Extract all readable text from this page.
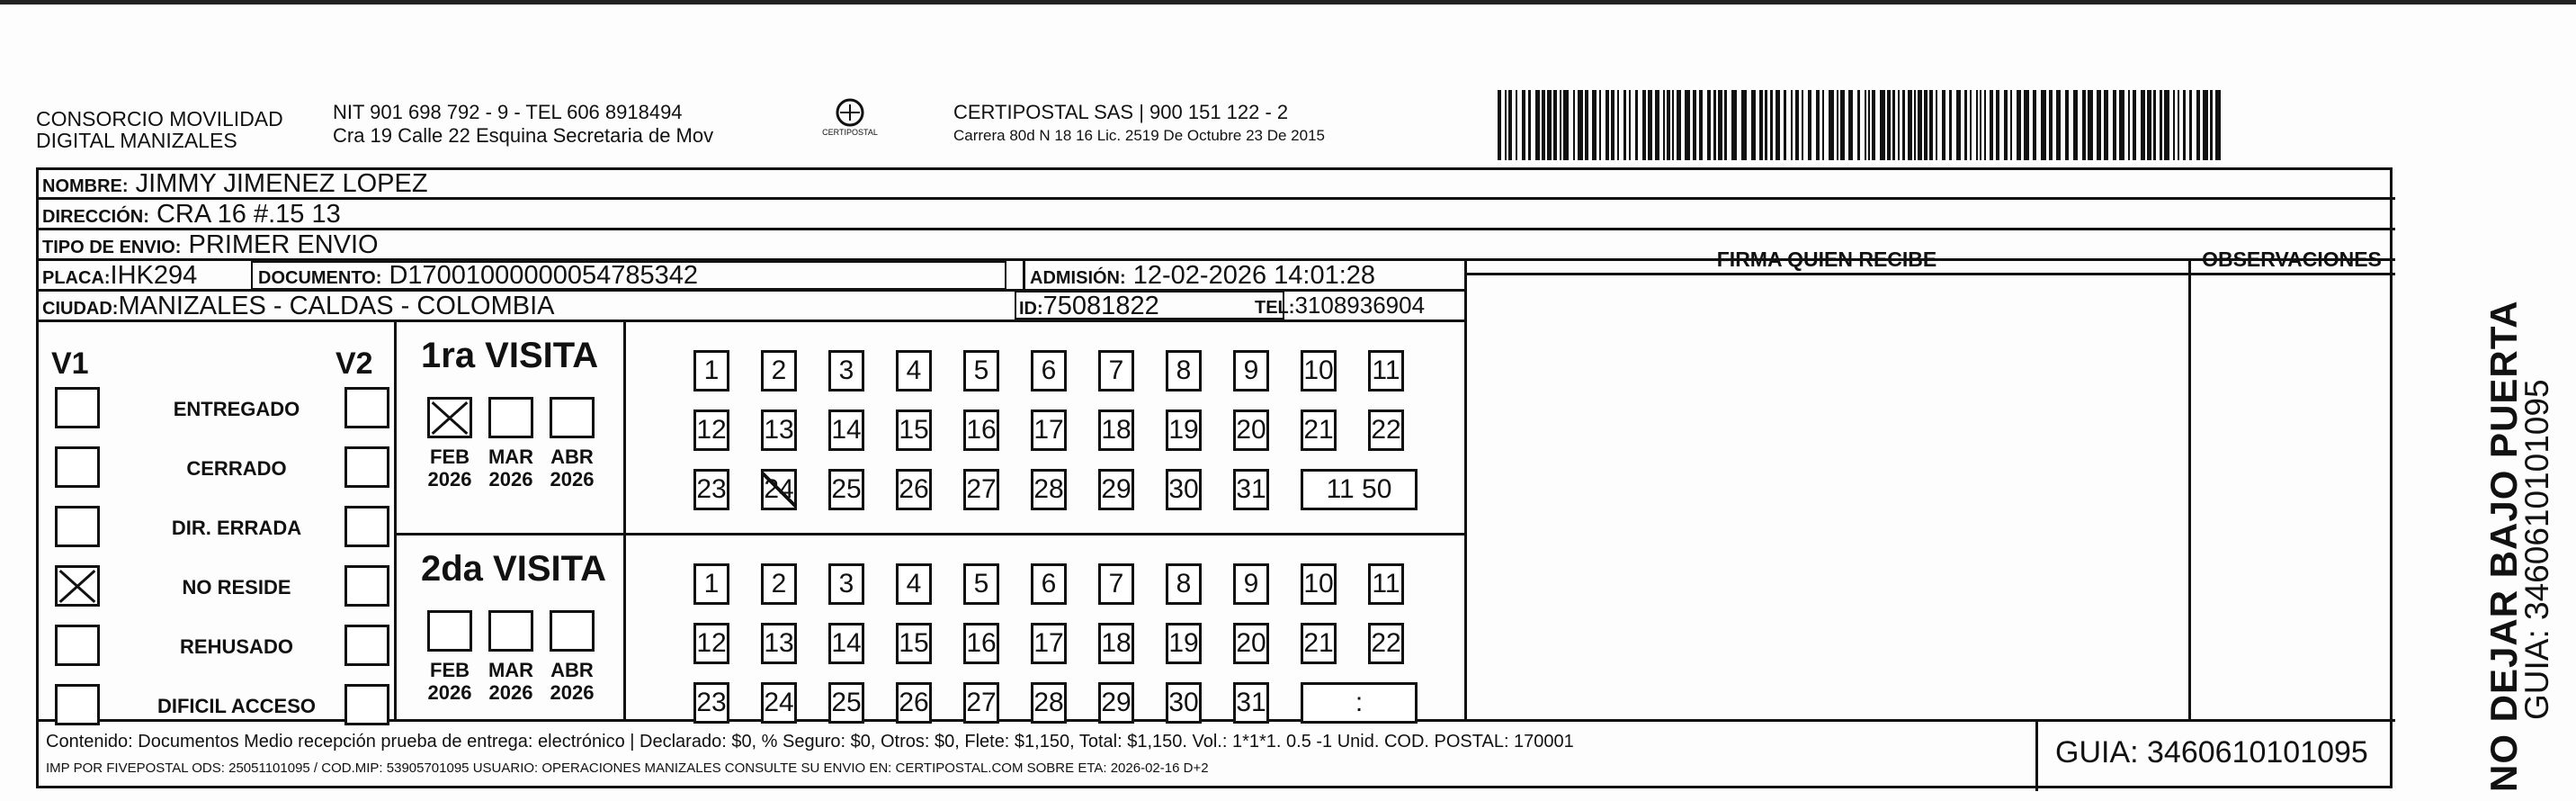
CONSORCIO MOVILIDAD
DIGITAL MANIZALES
NIT 901 698 792 - 9 - TEL 606 8918494
Cra 19 Calle 22 Esquina Secretaria de Mov	CERTIPOSTAL
CERTIPOSTAL SAS | 900 151 122 - 2
Carrera 80d N 18 16 Lic. 2519 De Octubre 23 De 2015
NOMBRE: JIMMY JIMENEZ LOPEZ
DIRECCIÓN: CRA 16 #.15 13
TIPO DE ENVIO: PRIMER ENVIO
PLACA:IHK294	DOCUMENTO: D17001000000054785342	ADMISIÓN: 12-02-2026 14:01:28
CIUDAD:MANIZALES - CALDAS - COLOMBIA	ID:75081822	TEL:3108936904
FIRMA QUIEN RECIBE	OBSERVACIONES
V1	V2
ENTREGADO
CERRADO
DIR. ERRADA
NO RESIDE
REHUSADO
DIFICIL ACCESO
1ra VISITA
FEB
2026
MAR
2026
ABR
2026
1	2	3	4	5	6	7	8	9	10 11
12 13 14 15 16 17 18 19 20 21 22
23 24 25 26 27 28 29 30 31	11 50
2da VISITA
FEB
2026
MAR
2026
ABR
2026
1	2	3	4	5	6	7	8	9	10 11
12 13 14 15 16 17 18 19 20 21 22
23 24 25 26 27 28 29 30 31	:
Contenido: Documentos Medio recepción prueba de entrega: electrónico | Declarado: $0, % Seguro: $0, Otros: $0, Flete: $1,150, Total: $1,150. Vol.: 1*1*1. 0.5 -1 Unid. COD. POSTAL: 170001
IMP POR FIVEPOSTAL ODS: 25051101095 / COD.MIP: 53905701095 USUARIO: OPERACIONES MANIZALES CONSULTE SU ENVIO EN: CERTIPOSTAL.COM SOBRE ETA: 2026-02-16 D+2	GUIA: 3460610101095	NO DEJAR BAJO PUERTA
GUIA: 3460610101095
